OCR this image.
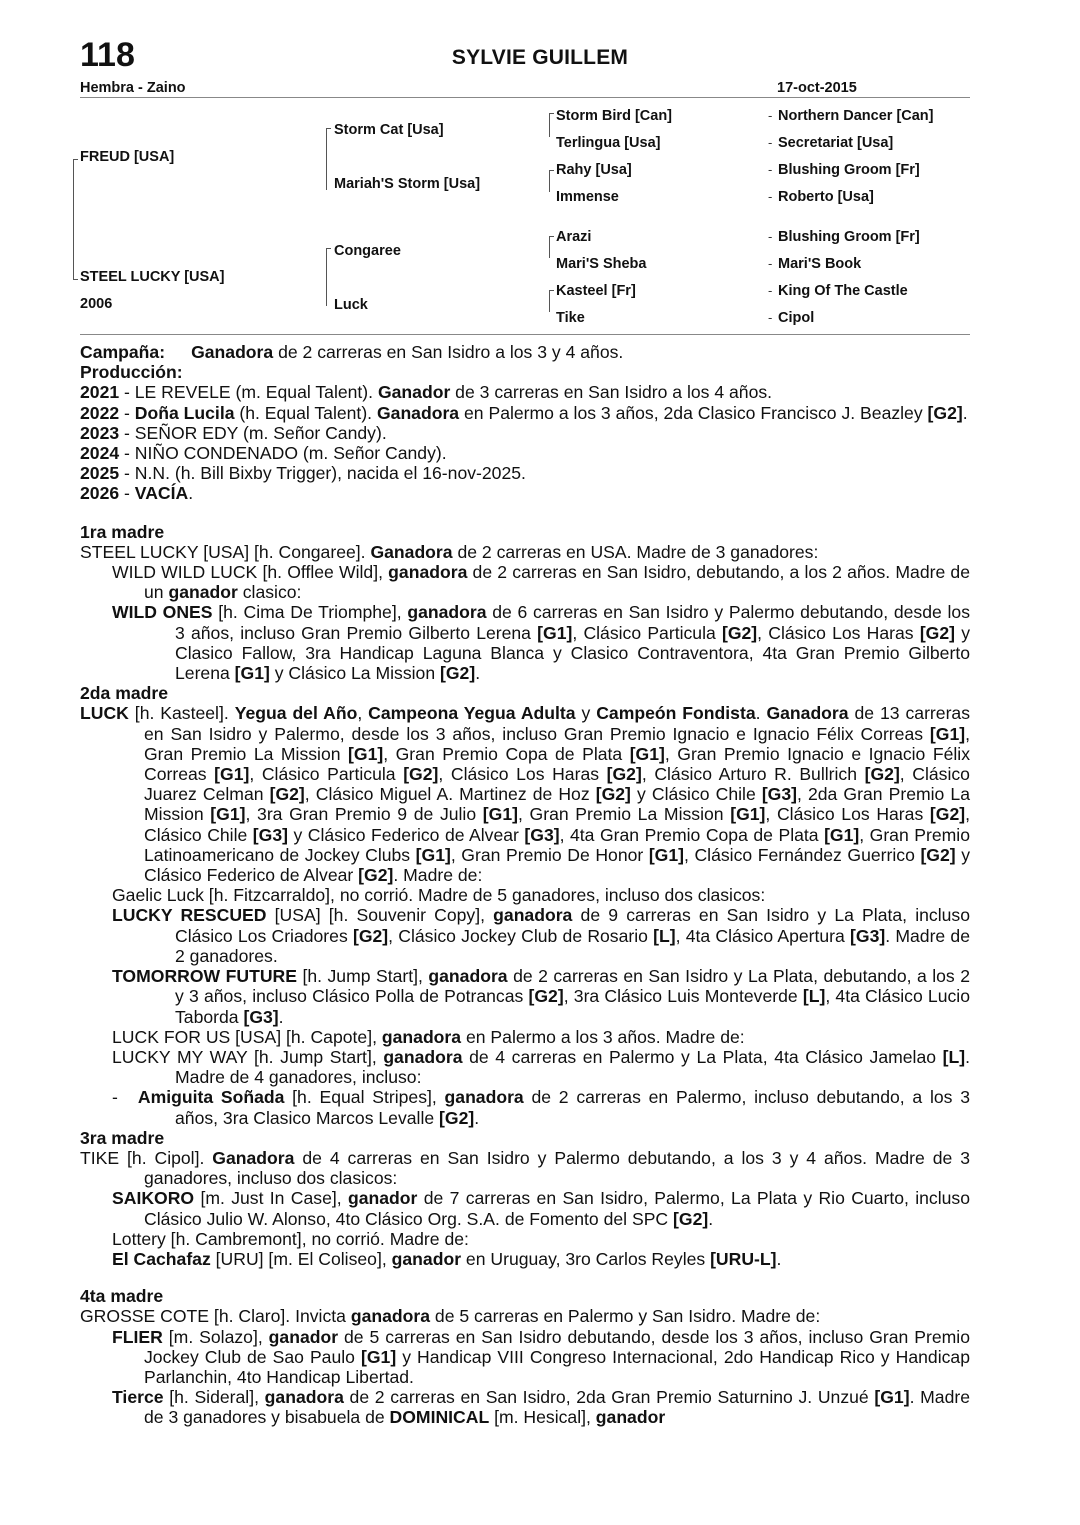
118	SYLVIE GUILLEM
Hembra - Zaino	17-oct-2015
FREUD [USA]
STEEL LUCKY [USA]
2006
Storm Cat [Usa]
Mariah'S Storm [Usa]
Congaree
Luck
Storm Bird [Can]
Terlingua [Usa]
Rahy [Usa]
Immense
Arazi
Mari'S Sheba
Kasteel [Fr]
Tike
-
-
-
-
-
-
-
-
Northern Dancer [Can]
Secretariat [Usa]
Blushing Groom [Fr]
Roberto [Usa]
Blushing Groom [Fr]
Mari'S Book
King Of The Castle
Cipol

Campaña: Ganadora de 2 carreras en San Isidro a los 3 y 4 años.

Producción:

2021 - LE REVELE (m. Equal Talent). Ganador de 3 carreras en San Isidro a los 4 años.

2022 - Doña Lucila (h. Equal Talent). Ganadora en Palermo a los 3 años, 2da Clasico Francisco J. Beazley [G2].

2023 - SEÑOR EDY (m. Señor Candy).

2024 - NIÑO CONDENADO (m. Señor Candy).

2025 - N.N. (h. Bill Bixby Trigger), nacida el 16-nov-2025.

2026 - VACÍA.

1ra madre

STEEL LUCKY [USA] [h. Congaree]. Ganadora de 2 carreras en USA. Madre de 3 ganadores:

WILD WILD LUCK [h. Offlee Wild], ganadora de 2 carreras en San Isidro, debutando, a los 2 años. Madre de un ganador clasico:

WILD ONES [h. Cima De Triomphe], ganadora de 6 carreras en San Isidro y Palermo debutando, desde los 3 años, incluso Gran Premio Gilberto Lerena [G1], Clásico Particula [G2], Clásico Los Haras [G2] y Clasico Fallow, 3ra Handicap Laguna Blanca y Clasico Contraventora, 4ta Gran Premio Gilberto Lerena [G1] y Clásico La Mission [G2].

2da madre

LUCK [h. Kasteel]. Yegua del Año, Campeona Yegua Adulta y Campeón Fondista. Ganadora de 13 carreras en San Isidro y Palermo, desde los 3 años, incluso Gran Premio Ignacio e Ignacio Félix Correas [G1], Gran Premio La Mission [G1], Gran Premio Copa de Plata [G1], Gran Premio Ignacio e Ignacio Félix Correas [G1], Clásico Particula [G2], Clásico Los Haras [G2], Clásico Arturo R. Bullrich [G2], Clásico Juarez Celman [G2], Clásico Miguel A. Martinez de Hoz [G2] y Clásico Chile [G3], 2da Gran Premio La Mission [G1], 3ra Gran Premio 9 de Julio [G1], Gran Premio La Mission [G1], Clásico Los Haras [G2], Clásico Chile [G3] y Clásico Federico de Alvear [G3], 4ta Gran Premio Copa de Plata [G1], Gran Premio Latinoamericano de Jockey Clubs [G1], Gran Premio De Honor [G1], Clásico Fernández Guerrico [G2] y Clásico Federico de Alvear [G2]. Madre de:

Gaelic Luck [h. Fitzcarraldo], no corrió. Madre de 5 ganadores, incluso dos clasicos:

LUCKY RESCUED [USA] [h. Souvenir Copy], ganadora de 9 carreras en San Isidro y La Plata, incluso Clásico Los Criadores [G2], Clásico Jockey Club de Rosario [L], 4ta Clásico Apertura [G3]. Madre de 2 ganadores.

TOMORROW FUTURE [h. Jump Start], ganadora de 2 carreras en San Isidro y La Plata, debutando, a los 2 y 3 años, incluso Clásico Polla de Potrancas [G2], 3ra Clásico Luis Monteverde [L], 4ta Clásico Lucio Taborda [G3].

LUCK FOR US [USA] [h. Capote], ganadora en Palermo a los 3 años. Madre de:

LUCKY MY WAY [h. Jump Start], ganadora de 4 carreras en Palermo y La Plata, 4ta Clásico Jamelao [L]. Madre de 4 ganadores, incluso:

- Amiguita Soñada [h. Equal Stripes], ganadora de 2 carreras en Palermo, incluso debutando, a los 3 años, 3ra Clasico Marcos Levalle [G2].

3ra madre

TIKE [h. Cipol]. Ganadora de 4 carreras en San Isidro y Palermo debutando, a los 3 y 4 años. Madre de 3 ganadores, incluso dos clasicos:

SAIKORO [m. Just In Case], ganador de 7 carreras en San Isidro, Palermo, La Plata y Rio Cuarto, incluso Clásico Julio W. Alonso, 4to Clásico Org. S.A. de Fomento del SPC [G2].

Lottery [h. Cambremont], no corrió. Madre de:

El Cachafaz [URU] [m. El Coliseo], ganador en Uruguay, 3ro Carlos Reyles [URU-L].

4ta madre

GROSSE COTE [h. Claro]. Invicta ganadora de 5 carreras en Palermo y San Isidro. Madre de:

FLIER [m. Solazo], ganador de 5 carreras en San Isidro debutando, desde los 3 años, incluso Gran Premio Jockey Club de Sao Paulo [G1] y Handicap VIII Congreso Internacional, 2do Handicap Rico y Handicap Parlanchin, 4to Handicap Libertad.

Tierce [h. Sideral], ganadora de 2 carreras en San Isidro, 2da Gran Premio Saturnino J. Unzué [G1]. Madre de 3 ganadores y bisabuela de DOMINICAL [m. Hesical], ganador
